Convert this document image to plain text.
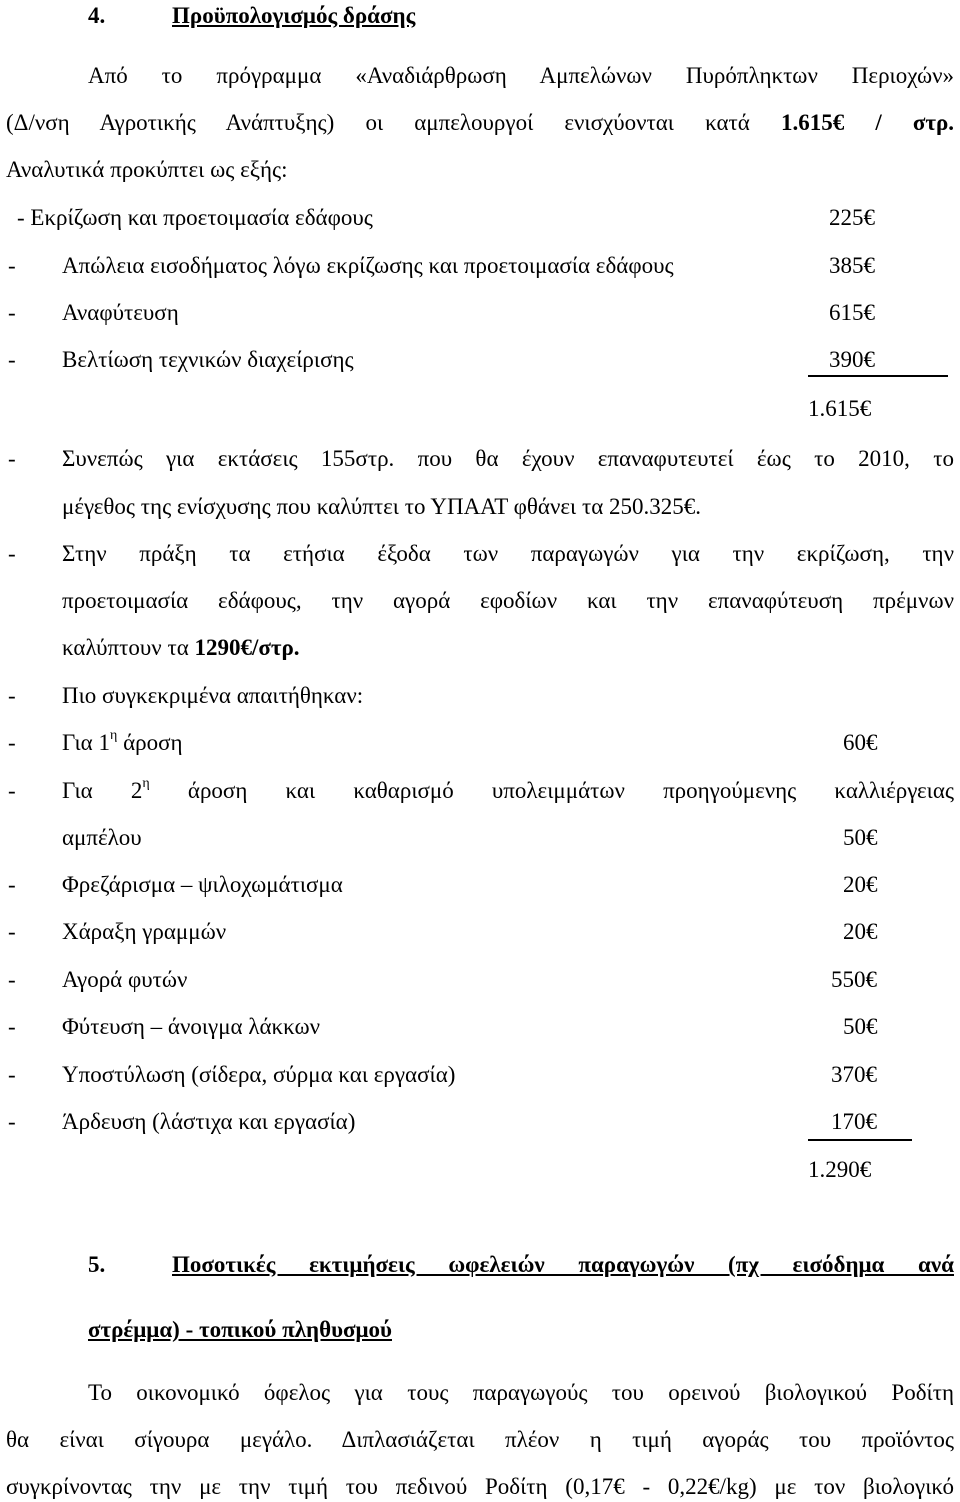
4.	Προϋπολογισμός δράσης
Από το πρόγραμμα «Αναδιάρθρωση Αμπελώνων Πυρόπληκτων Περιοχών»
(Δ/νση Αγροτικής Ανάπτυξης) οι αμπελουργοί ενισχύονται κατά 1.615€ / στρ.
Αναλυτικά προκύπτει ως εξής:
- Εκρίζωση και προετοιμασία εδάφους	225€
- Απώλεια εισοδήματος λόγω εκρίζωσης και προετοιμασία εδάφους	385€
- Αναφύτευση	615€
- Βελτίωση τεχνικών διαχείρισης	390€
1.615€
- Συνεπώς για εκτάσεις 155στρ. που θα έχουν επαναφυτευτεί έως το 2010, το
μέγεθος της ενίσχυσης που καλύπτει το ΥΠΑΑΤ φθάνει τα 250.325€.
- Στην πράξη τα ετήσια έξοδα των παραγωγών για την εκρίζωση, την
προετοιμασία εδάφους, την αγορά εφοδίων και την επαναφύτευση πρέμνων
καλύπτουν τα 1290€/στρ.
- Πιο συγκεκριμένα απαιτήθηκαν:
- Για $1^\eta$ άροση	60€
- Για $2^\eta$ άροση και καθαρισμό υπολειμμάτων προηγούμενης καλλιέργειας
αμπέλου	50€
- Φρεζάρισμα – ψιλοχωμάτισμα	20€
- Χάραξη γραμμών	20€
- Αγορά φυτών	550€
- Φύτευση – άνοιγμα λάκκων	50€
- Υποστύλωση (σίδερα, σύρμα και εργασία)	370€
- Άρδευση (λάστιχα και εργασία)	170€
1.290€
5.	Ποσοτικές εκτιμήσεις ωφελειών παραγωγών (πχ εισόδημα ανά
στρέμμα) - τοπικού πληθυσμού
Το οικονομικό όφελος για τους παραγωγούς του ορεινού βιολογικού Ροδίτη
θα είναι σίγουρα μεγάλο. Διπλασιάζεται πλέον η τιμή αγοράς του προϊόντος
συγκρίνοντας την με την τιμή του πεδινού Ροδίτη (0,17€ - 0,22€/kg) με τον βιολογικό
